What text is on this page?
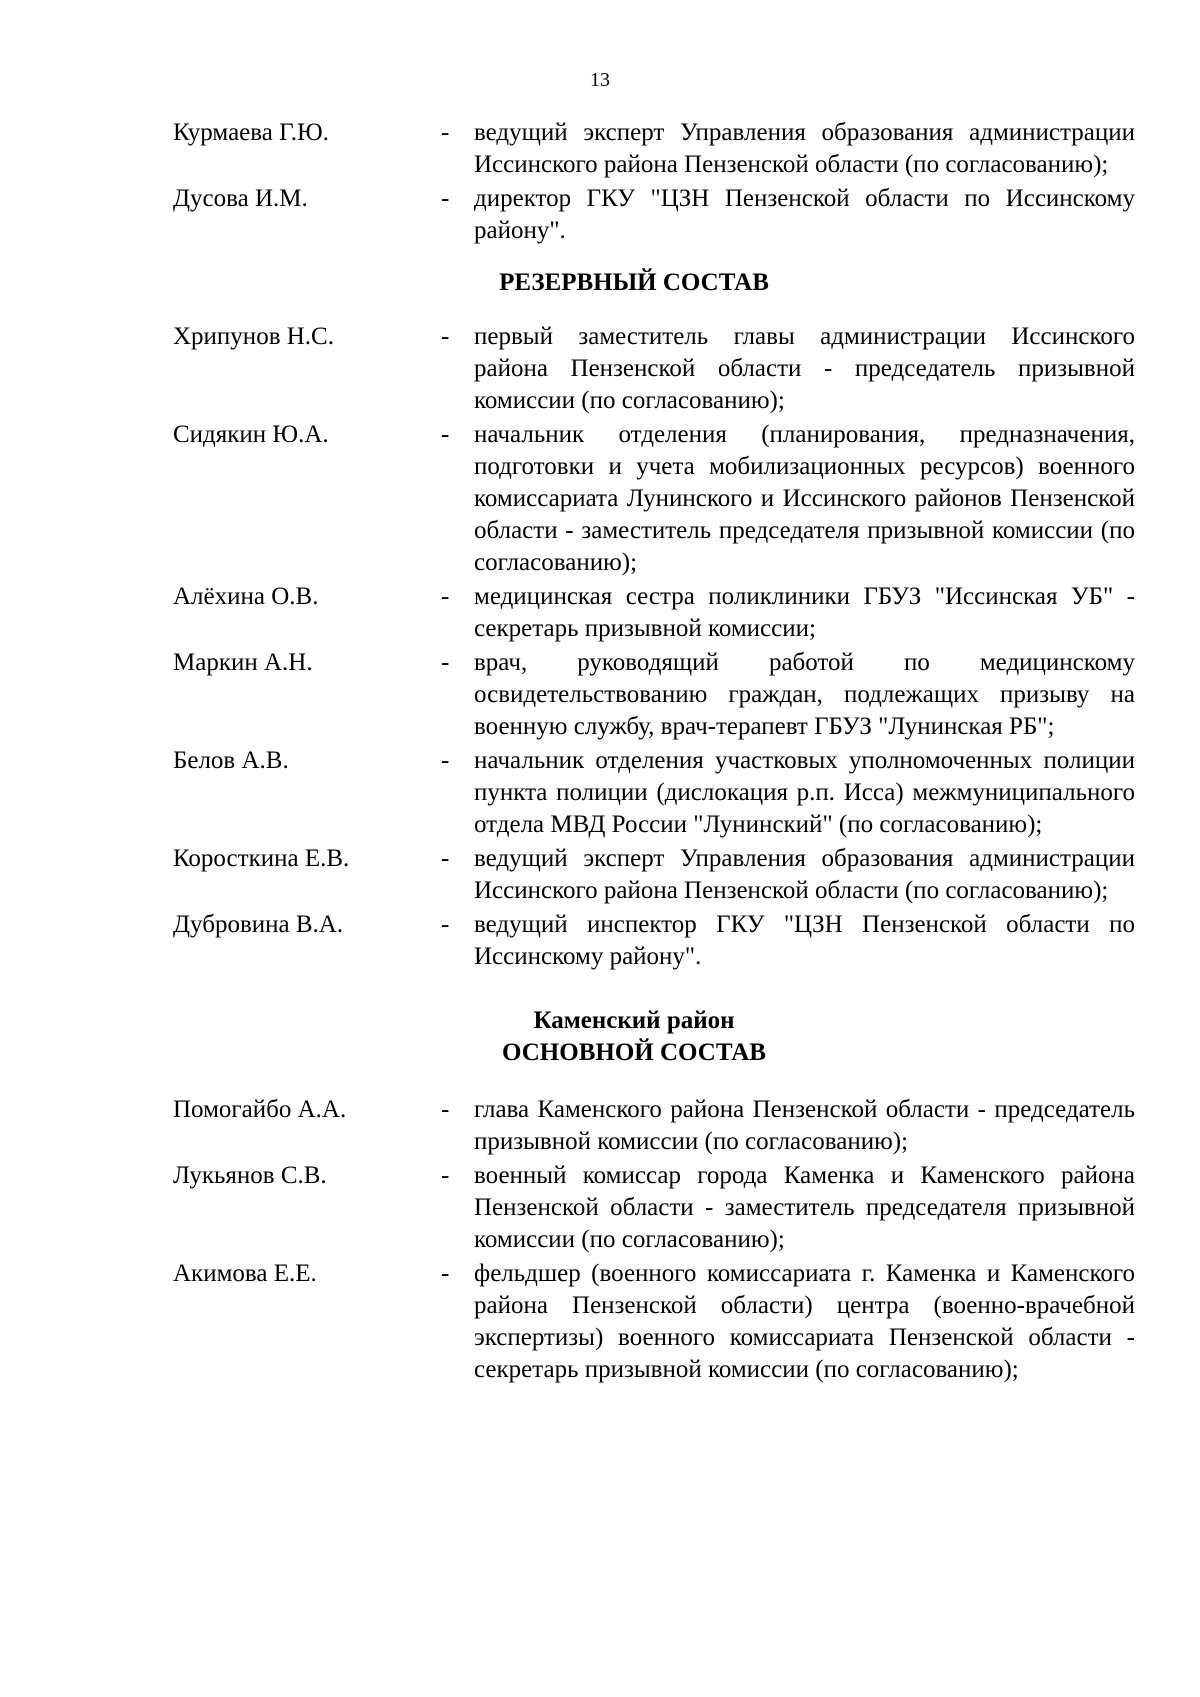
13
Курмаева Г.Ю.	- ведущий эксперт Управления образования администрации Иссинского района Пензенской области (по согласованию);
Дусова И.М.	- директор ГКУ "ЦЗН Пензенской области по Иссинскому району".
РЕЗЕРВНЫЙ СОСТАВ
Хрипунов Н.С.	- первый заместитель главы администрации Иссинского района Пензенской области - председатель призывной комиссии (по согласованию);
Сидякин Ю.А.	- начальник отделения (планирования, предназначения, подготовки и учета мобилизационных ресурсов) военного комиссариата Лунинского и Иссинского районов Пензенской области - заместитель председателя призывной комиссии (по согласованию);
Алёхина О.В.	- медицинская сестра поликлиники ГБУЗ "Иссинская УБ" - секретарь призывной комиссии;
Маркин А.Н.	- врач, руководящий работой по медицинскому освидетельствованию граждан, подлежащих призыву на военную службу, врач-терапевт ГБУЗ "Лунинская РБ";
Белов А.В.	- начальник отделения участковых уполномоченных полиции пункта полиции (дислокация р.п. Исса) межмуниципального отдела МВД России "Лунинский" (по согласованию);
Коросткина Е.В.	- ведущий эксперт Управления образования администрации Иссинского района Пензенской области (по согласованию);
Дубровина В.А.	- ведущий инспектор ГКУ "ЦЗН Пензенской области по Иссинскому району".
Каменский район
ОСНОВНОЙ СОСТАВ
Помогайбо А.А.	- глава Каменского района Пензенской области - председатель призывной комиссии (по согласованию);
Лукьянов С.В.	- военный комиссар города Каменка и Каменского района Пензенской области - заместитель председателя призывной комиссии (по согласованию);
Акимова Е.Е.	- фельдшер (военного комиссариата г. Каменка и Каменского района Пензенской области) центра (военно-врачебной экспертизы) военного комиссариата Пензенской области - секретарь призывной комиссии (по согласованию);
